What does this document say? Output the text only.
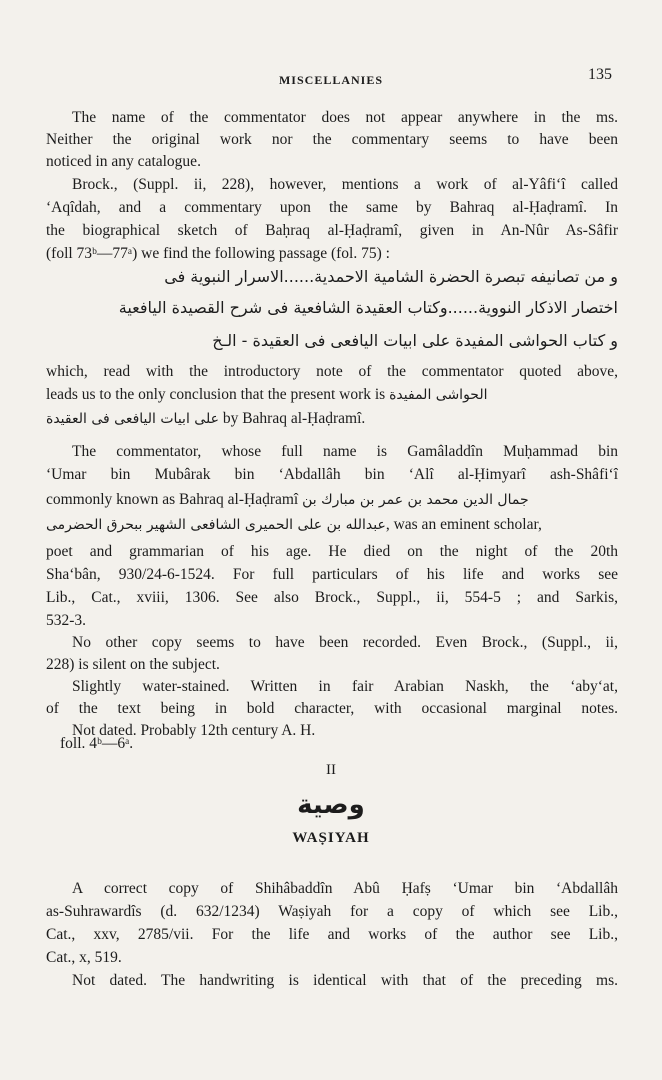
MISCELLANIES	135
The name of the commentator does not appear anywhere in the ms.
Neither the original work nor the commentary seems to have been
noticed in any catalogue.
Brock., (Suppl. ii, 228), however, mentions a work of al-Yâfi‘î called
‘Aqîdah, and a commentary upon the same by Bahraq al-Ḥaḍramî. In
the biographical sketch of Baḥraq al-Ḥaḍramî, given in An-Nûr As-Sâfir
(foll 73ᵇ—77ᵃ) we find the following passage (fol. 75) :
و من تصانيفه تبصرة الحضرة الشامية الاحمدية......الاسرار النبوية فى
اختصار الاذكار النووية......وكتاب العقيدة الشافعية فى شرح القصيدة اليافعية
و كتاب الحواشى المفيدة على ابيات اليافعى فى العقيدة - الـخ
which, read with the introductory note of the commentator quoted above,
leads us to the only conclusion that the present work is الحواشى المفيدة
على ابيات اليافعى فى العقيدة by Bahraq al-Ḥaḍramî.
The commentator, whose full name is Gamâladdîn Muḥammad bin
‘Umar bin Mubârak bin ‘Abdallâh bin ‘Alî al-Ḥimyarî ash-Shâfi‘î
commonly known as Bahraq al-Ḥaḍramî جمال الدين محمد بن عمر بن مبارك بن
عبدالله بن على الحميرى الشافعى الشهير ببحرق الحضرمى, was an eminent scholar,
poet and grammarian of his age. He died on the night of the 20th
Sha‘bân, 930/24-6-1524. For full particulars of his life and works see
Lib., Cat., xviii, 1306. See also Brock., Suppl., ii, 554-5 ; and Sarkis,
532-3.
No other copy seems to have been recorded. Even Brock., (Suppl., ii,
228) is silent on the subject.
Slightly water-stained. Written in fair Arabian Naskh, the ‘aby‘at,
of the text being in bold character, with occasional marginal notes.
Not dated. Probably 12th century A. H.
foll. 4ᵇ—6ᵃ.
II
وصية
WAṢIYAH
A correct copy of Shihâbaddîn Abû Ḥafṣ ‘Umar bin ‘Abdallâh
as-Suhrawardîs (d. 632/1234) Waṣiyah for a copy of which see Lib.,
Cat., xxv, 2785/vii. For the life and works of the author see Lib.,
Cat., x, 519.
Not dated. The handwriting is identical with that of the preceding ms.
